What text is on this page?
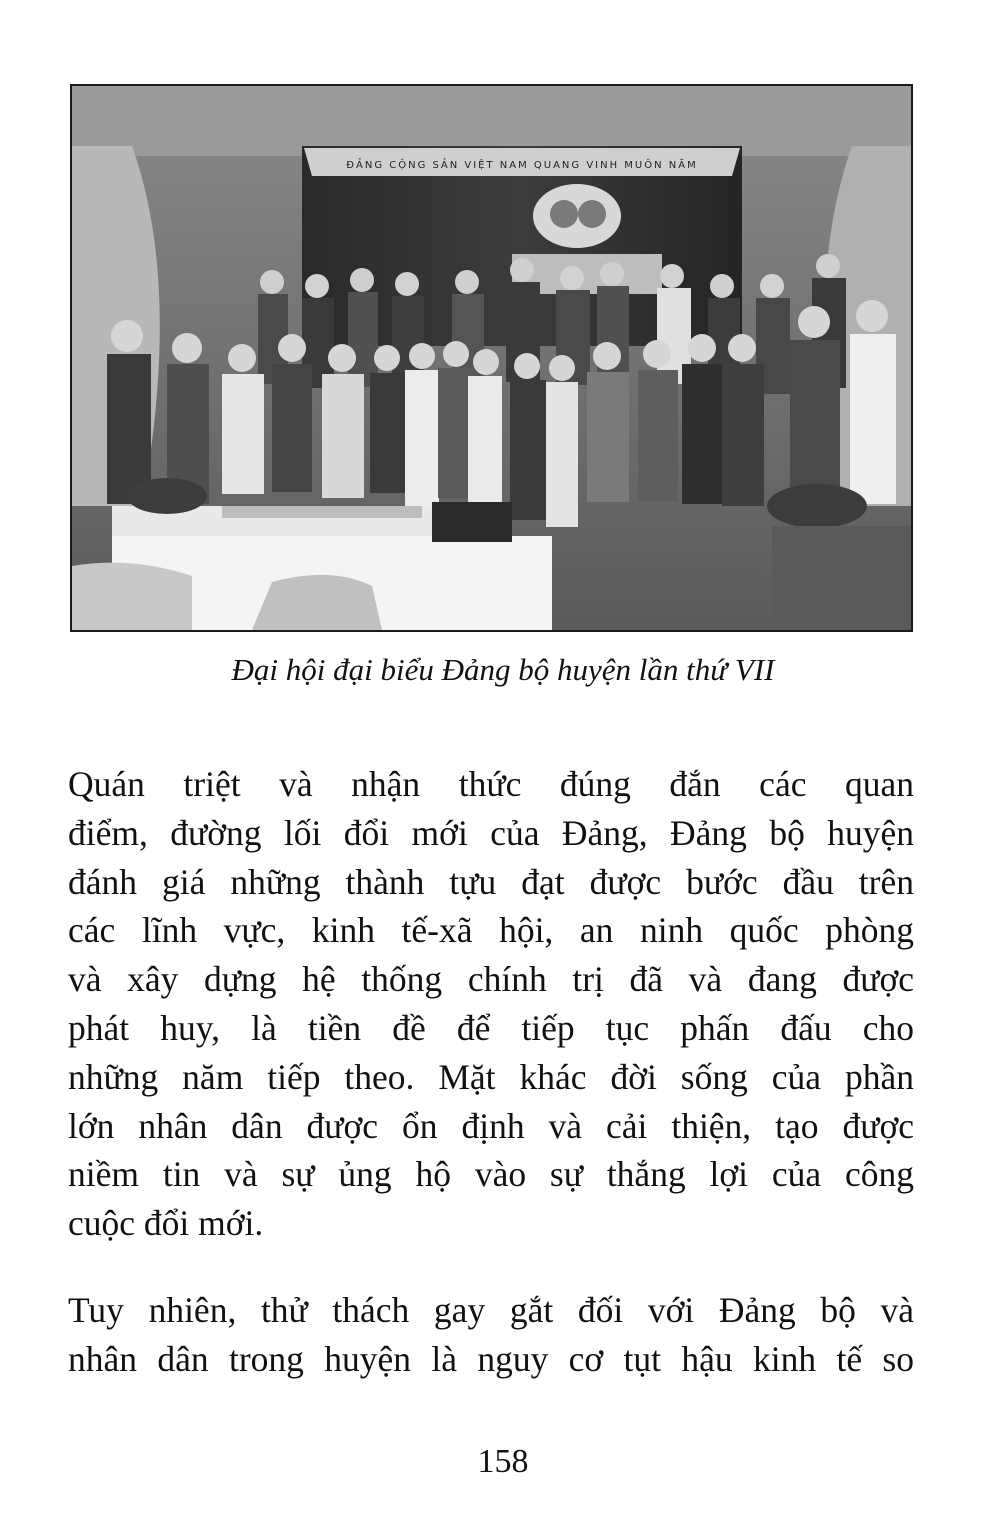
ĐẢNG CỘNG SẢN VIỆT NAM QUANG VINH MUÔN NĂM
Đại hội đại biểu Đảng bộ huyện lần thứ VII

Quán triệt và nhận thức đúng đắn các quan
điểm, đường lối đổi mới của Đảng, Đảng bộ huyện
đánh giá những thành tựu đạt được bước đầu trên
các lĩnh vực, kinh tế-xã hội, an ninh quốc phòng
và xây dựng hệ thống chính trị đã và đang được
phát huy, là tiền đề để tiếp tục phấn đấu cho
những năm tiếp theo. Mặt khác đời sống của phần
lớn nhân dân được ổn định và cải thiện, tạo được
niềm tin và sự ủng hộ vào sự thắng lợi của công
cuộc đổi mới.

Tuy nhiên, thử thách gay gắt đối với Đảng bộ và
nhân dân trong huyện là nguy cơ tụt hậu kinh tế so

158
